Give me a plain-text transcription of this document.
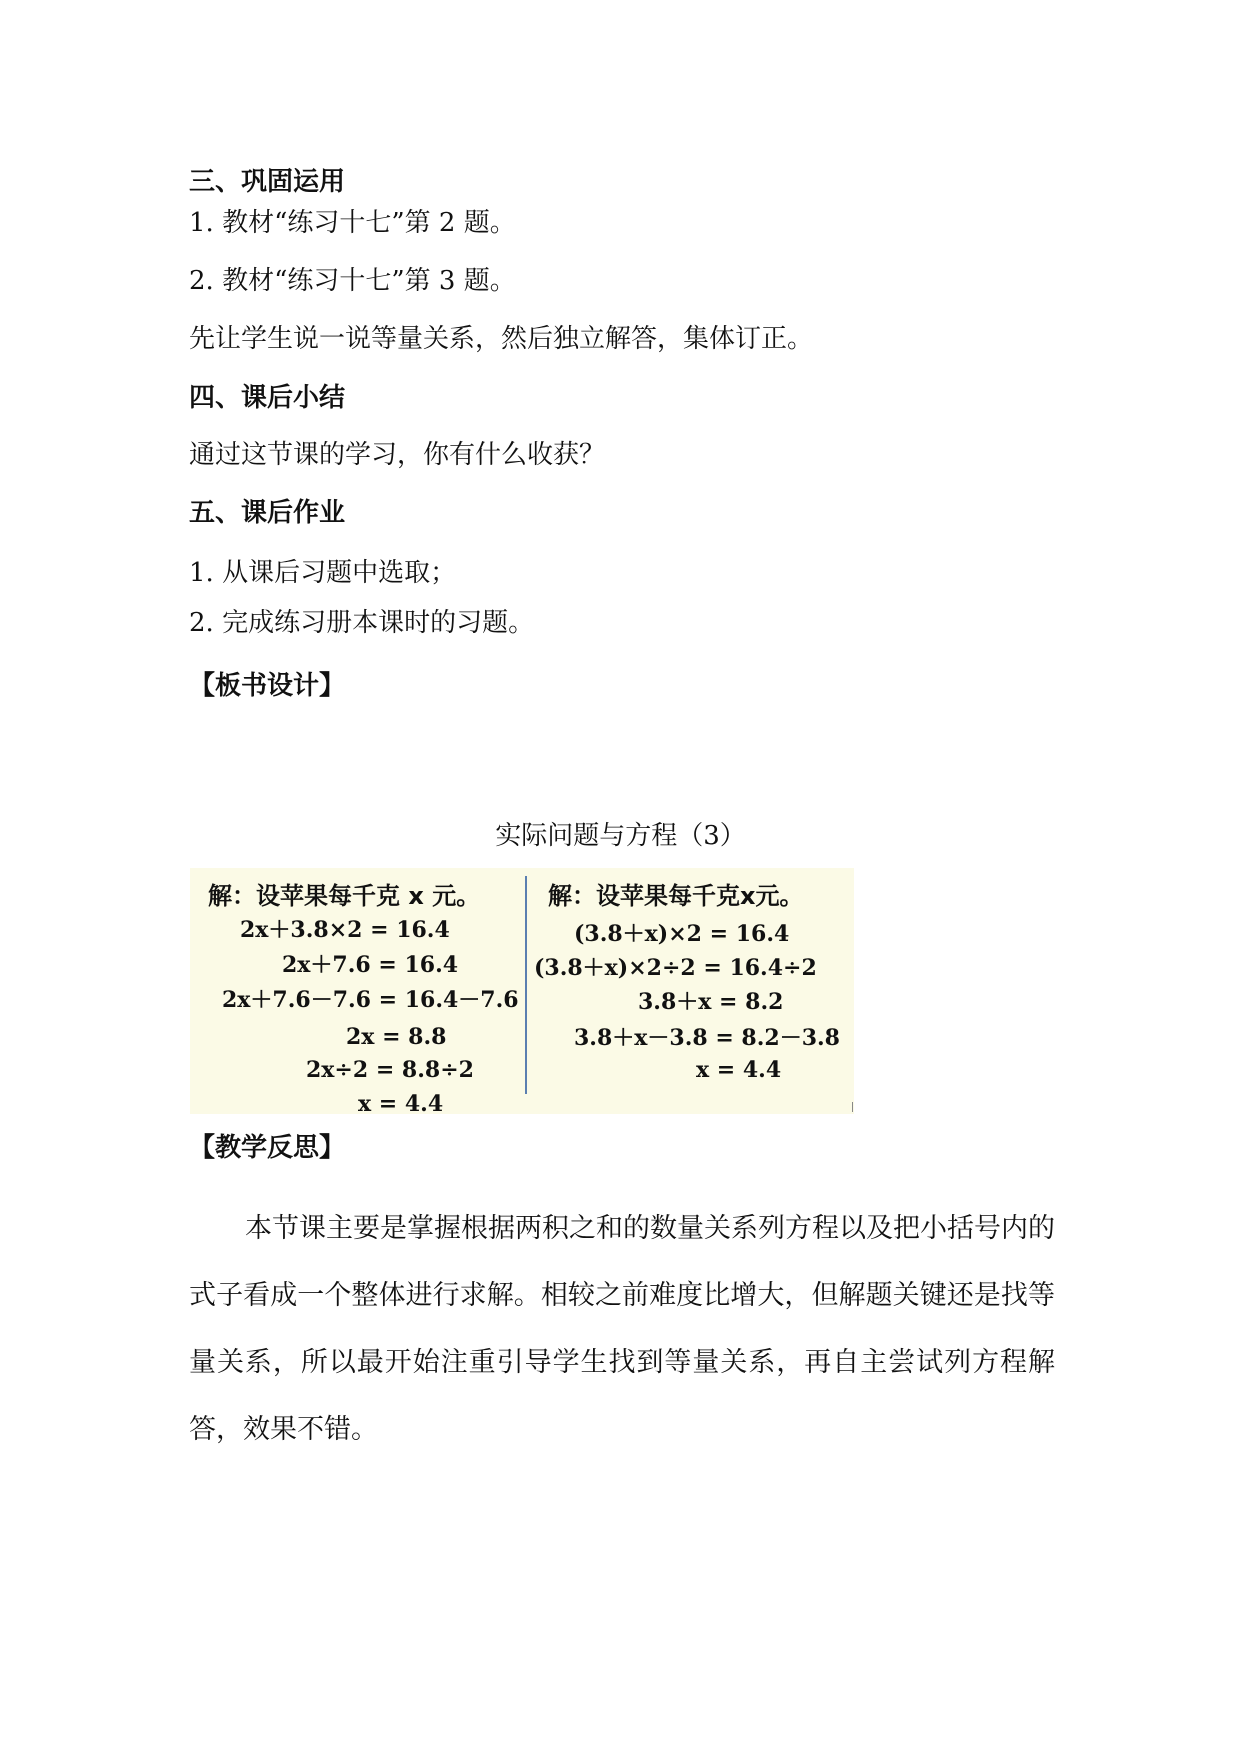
三、巩固运用
1. 教材“练习十七”第 2 题。
2. 教材“练习十七”第 3 题。
先让学生说一说等量关系，然后独立解答，集体订正。
四、课后小结
通过这节课的学习，你有什么收获？
五、课后作业
1. 从课后习题中选取；
2. 完成练习册本课时的习题。
【板书设计】
实际问题与方程（3）
解：设苹果每千克 x 元。
2x＋3.8×2 = 16.4
2x＋7.6 = 16.4
2x＋7.6－7.6 = 16.4－7.6
2x = 8.8
2x÷2 = 8.8÷2
x = 4.4
解：设苹果每千克x元。
(3.8＋x)×2 = 16.4
(3.8＋x)×2÷2 = 16.4÷2
3.8＋x = 8.2
3.8＋x－3.8 = 8.2－3.8
x = 4.4
【教学反思】
本节课主要是掌握根据两积之和的数量关系列方程以及把小括号内的式子看成一个整体进行求解。相较之前难度比增大，但解题关键还是找等量关系，所以最开始注重引导学生找到等量关系，再自主尝试列方程解答，效果不错。
